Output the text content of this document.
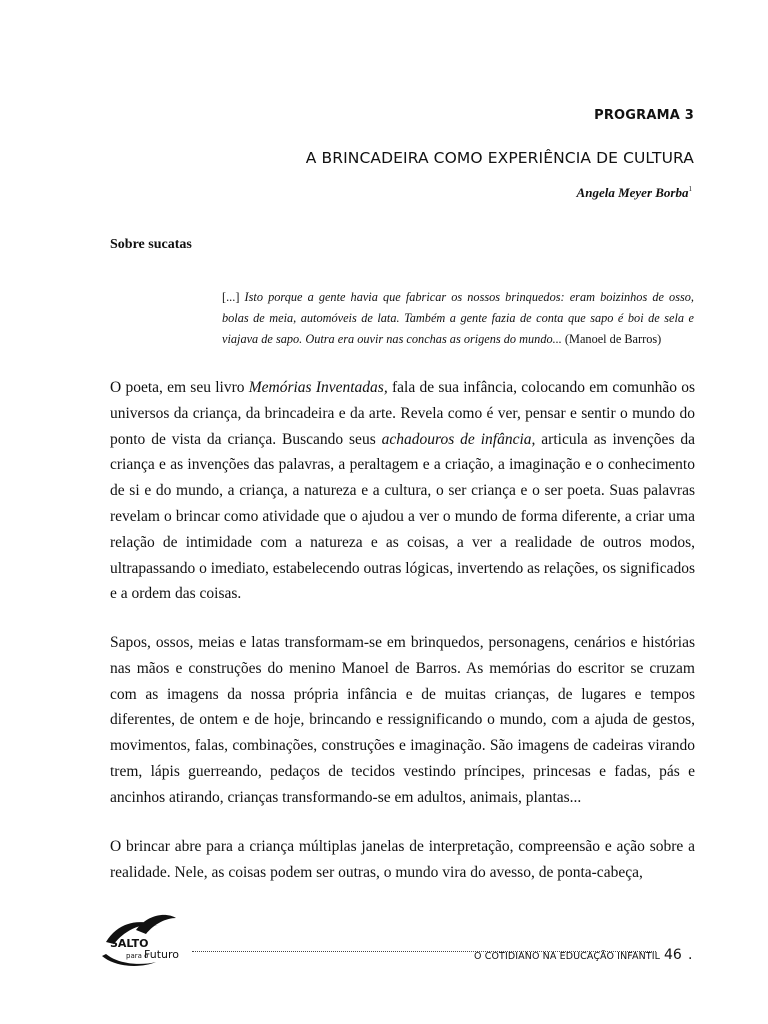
PROGRAMA 3
A BRINCADEIRA COMO EXPERIÊNCIA DE CULTURA
Angela Meyer Borba$^1$
Sobre sucatas
[...] Isto porque a gente havia que fabricar os nossos brinquedos: eram boizinhos de osso, bolas de meia, automóveis de lata. Também a gente fazia de conta que sapo é boi de sela e viajava de sapo. Outra era ouvir nas conchas as origens do mundo... (Manoel de Barros)
O poeta, em seu livro Memórias Inventadas, fala de sua infância, colocando em comunhão os universos da criança, da brincadeira e da arte. Revela como é ver, pensar e sentir o mundo do ponto de vista da criança. Buscando seus achadouros de infância, articula as invenções da criança e as invenções das palavras, a peraltagem e a criação, a imaginação e o conhecimento de si e do mundo, a criança, a natureza e a cultura, o ser criança e o ser poeta. Suas palavras revelam o brincar como atividade que o ajudou a ver o mundo de forma diferente, a criar uma relação de intimidade com a natureza e as coisas, a ver a realidade de outros modos, ultrapassando o imediato, estabelecendo outras lógicas, invertendo as relações, os significados e a ordem das coisas.
Sapos, ossos, meias e latas transformam-se em brinquedos, personagens, cenários e histórias nas mãos e construções do menino Manoel de Barros. As memórias do escritor se cruzam com as imagens da nossa própria infância e de muitas crianças, de lugares e tempos diferentes, de ontem e de hoje, brincando e ressignificando o mundo, com a ajuda de gestos, movimentos, falas, combinações, construções e imaginação. São imagens de cadeiras virando trem, lápis guerreando, pedaços de tecidos vestindo príncipes, princesas e fadas, pás e ancinhos atirando, crianças transformando-se em adultos, animais, plantas...
O brincar abre para a criança múltiplas janelas de interpretação, compreensão e ação sobre a realidade. Nele, as coisas podem ser outras, o mundo vira do avesso, de ponta-cabeça,
SALTO
para o
Futuro	O COTIDIANO NA EDUCAÇÃO INFANTIL 46 .
